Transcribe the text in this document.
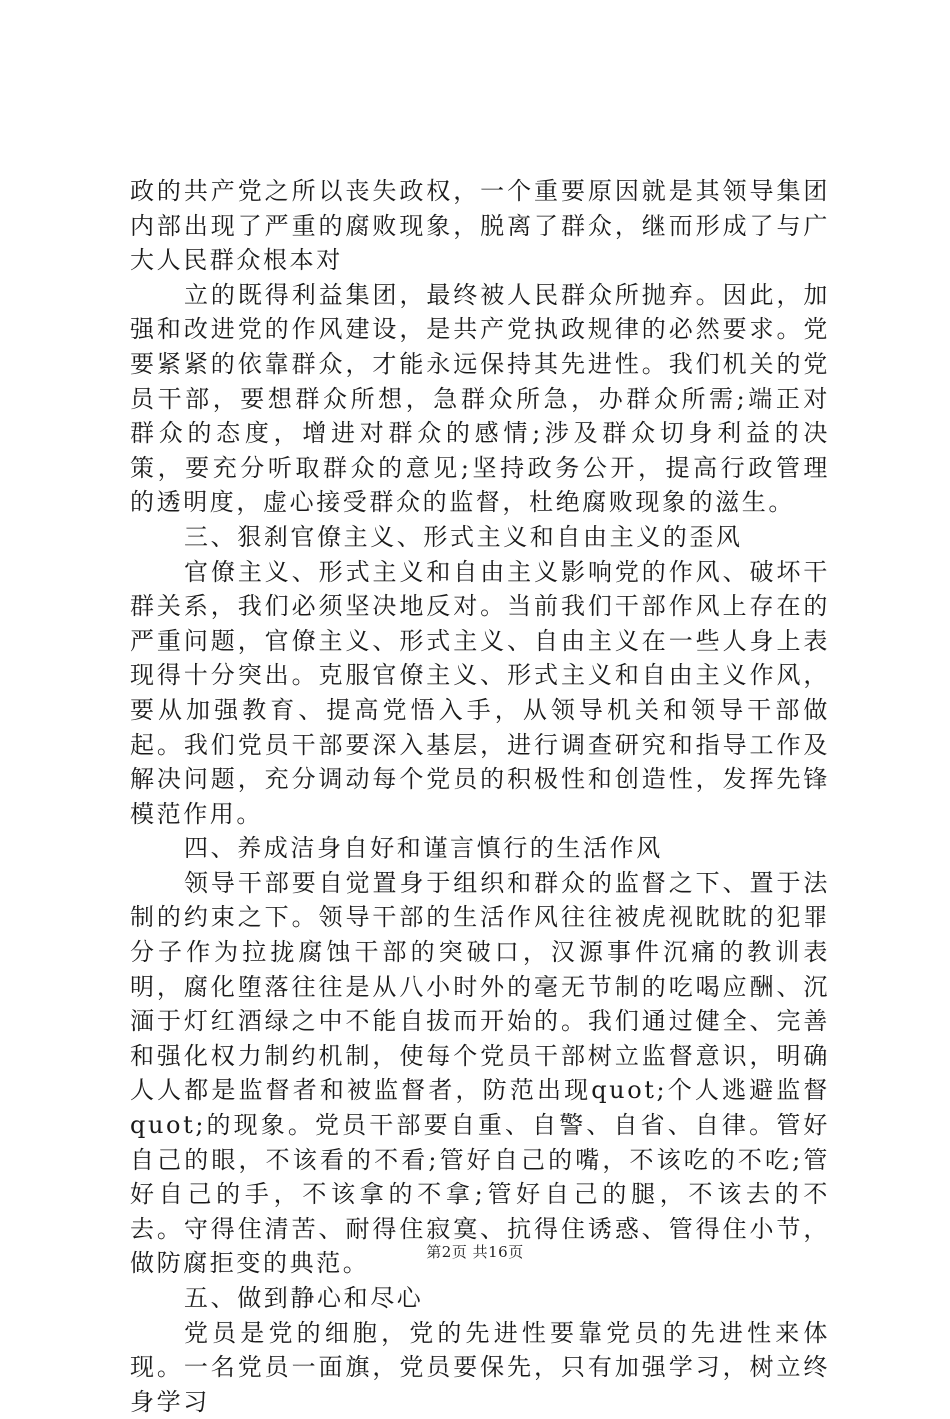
政的共产党之所以丧失政权，一个重要原因就是其领导集团内部出现了严重的腐败现象，脱离了群众，继而形成了与广大人民群众根本对

立的既得利益集团，最终被人民群众所抛弃。因此，加强和改进党的作风建设，是共产党执政规律的必然要求。党要紧紧的依靠群众，才能永远保持其先进性。我们机关的党员干部，要想群众所想，急群众所急，办群众所需;端正对群众的态度，增进对群众的感情;涉及群众切身利益的决策，要充分听取群众的意见;坚持政务公开，提高行政管理的透明度，虚心接受群众的监督，杜绝腐败现象的滋生。

三、狠刹官僚主义、形式主义和自由主义的歪风

官僚主义、形式主义和自由主义影响党的作风、破坏干群关系，我们必须坚决地反对。当前我们干部作风上存在的严重问题，官僚主义、形式主义、自由主义在一些人身上表现得十分突出。克服官僚主义、形式主义和自由主义作风，要从加强教育、提高党悟入手，从领导机关和领导干部做起。我们党员干部要深入基层，进行调查研究和指导工作及解决问题，充分调动每个党员的积极性和创造性，发挥先锋模范作用。

四、养成洁身自好和谨言慎行的生活作风

领导干部要自觉置身于组织和群众的监督之下、置于法制的约束之下。领导干部的生活作风往往被虎视眈眈的犯罪分子作为拉拢腐蚀干部的突破口，汉源事件沉痛的教训表明，腐化堕落往往是从八小时外的毫无节制的吃喝应酬、沉湎于灯红酒绿之中不能自拔而开始的。我们通过健全、完善和强化权力制约机制，使每个党员干部树立监督意识，明确人人都是监督者和被监督者，防范出现quot;个人逃避监督quot;的现象。党员干部要自重、自警、自省、自律。管好自己的眼，不该看的不看;管好自己的嘴，不该吃的不吃;管好自己的手，不该拿的不拿;管好自己的腿，不该去的不去。守得住清苦、耐得住寂寞、抗得住诱惑、管得住小节，做防腐拒变的典范。

五、做到静心和尽心

党员是党的细胞，党的先进性要靠党员的先进性来体现。一名党员一面旗，党员要保先，只有加强学习，树立终身学习

第2页 共16页
